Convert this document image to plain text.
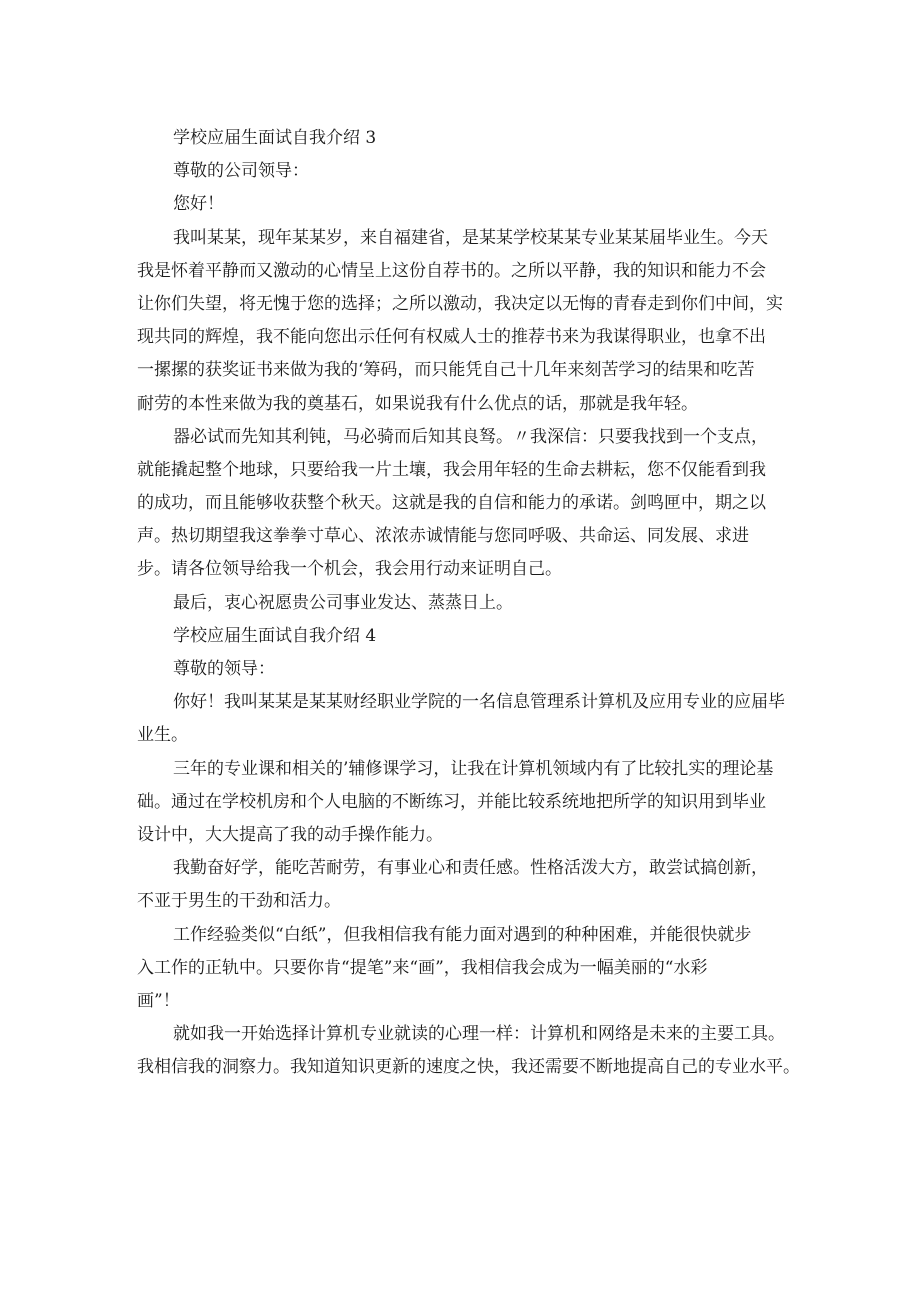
学校应届生面试自我介绍 3
尊敬的公司领导：
您好！
我叫某某，现年某某岁，来自福建省，是某某学校某某专业某某届毕业生。今天
我是怀着平静而又激动的心情呈上这份自荐书的。之所以平静，我的知识和能力不会
让你们失望，将无愧于您的选择；之所以激动，我决定以无悔的青春走到你们中间，实
现共同的辉煌，我不能向您出示任何有权威人士的推荐书来为我谋得职业，也拿不出
一摞摞的获奖证书来做为我的‘筹码，而只能凭自己十几年来刻苦学习的结果和吃苦
耐劳的本性来做为我的奠基石，如果说我有什么优点的话，那就是我年轻。
器必试而先知其利钝，马必骑而后知其良驽。〃我深信：只要我找到一个支点，
就能撬起整个地球，只要给我一片土壤，我会用年轻的生命去耕耘，您不仅能看到我
的成功，而且能够收获整个秋天。这就是我的自信和能力的承诺。剑鸣匣中，期之以
声。热切期望我这拳拳寸草心、浓浓赤诚情能与您同呼吸、共命运、同发展、求进
步。请各位领导给我一个机会，我会用行动来证明自己。
最后，衷心祝愿贵公司事业发达、蒸蒸日上。
学校应届生面试自我介绍 4
尊敬的领导：
你好！我叫某某是某某财经职业学院的一名信息管理系计算机及应用专业的应届毕
业生。
三年的专业课和相关的’辅修课学习，让我在计算机领域内有了比较扎实的理论基
础。通过在学校机房和个人电脑的不断练习，并能比较系统地把所学的知识用到毕业
设计中，大大提高了我的动手操作能力。
我勤奋好学，能吃苦耐劳，有事业心和责任感。性格活泼大方，敢尝试搞创新，
不亚于男生的干劲和活力。
工作经验类似“白纸”，但我相信我有能力面对遇到的种种困难，并能很快就步
入工作的正轨中。只要你肯“提笔”来“画”，我相信我会成为一幅美丽的“水彩
画”！
就如我一开始选择计算机专业就读的心理一样：计算机和网络是未来的主要工具。
我相信我的洞察力。我知道知识更新的速度之快，我还需要不断地提高自己的专业水平。
